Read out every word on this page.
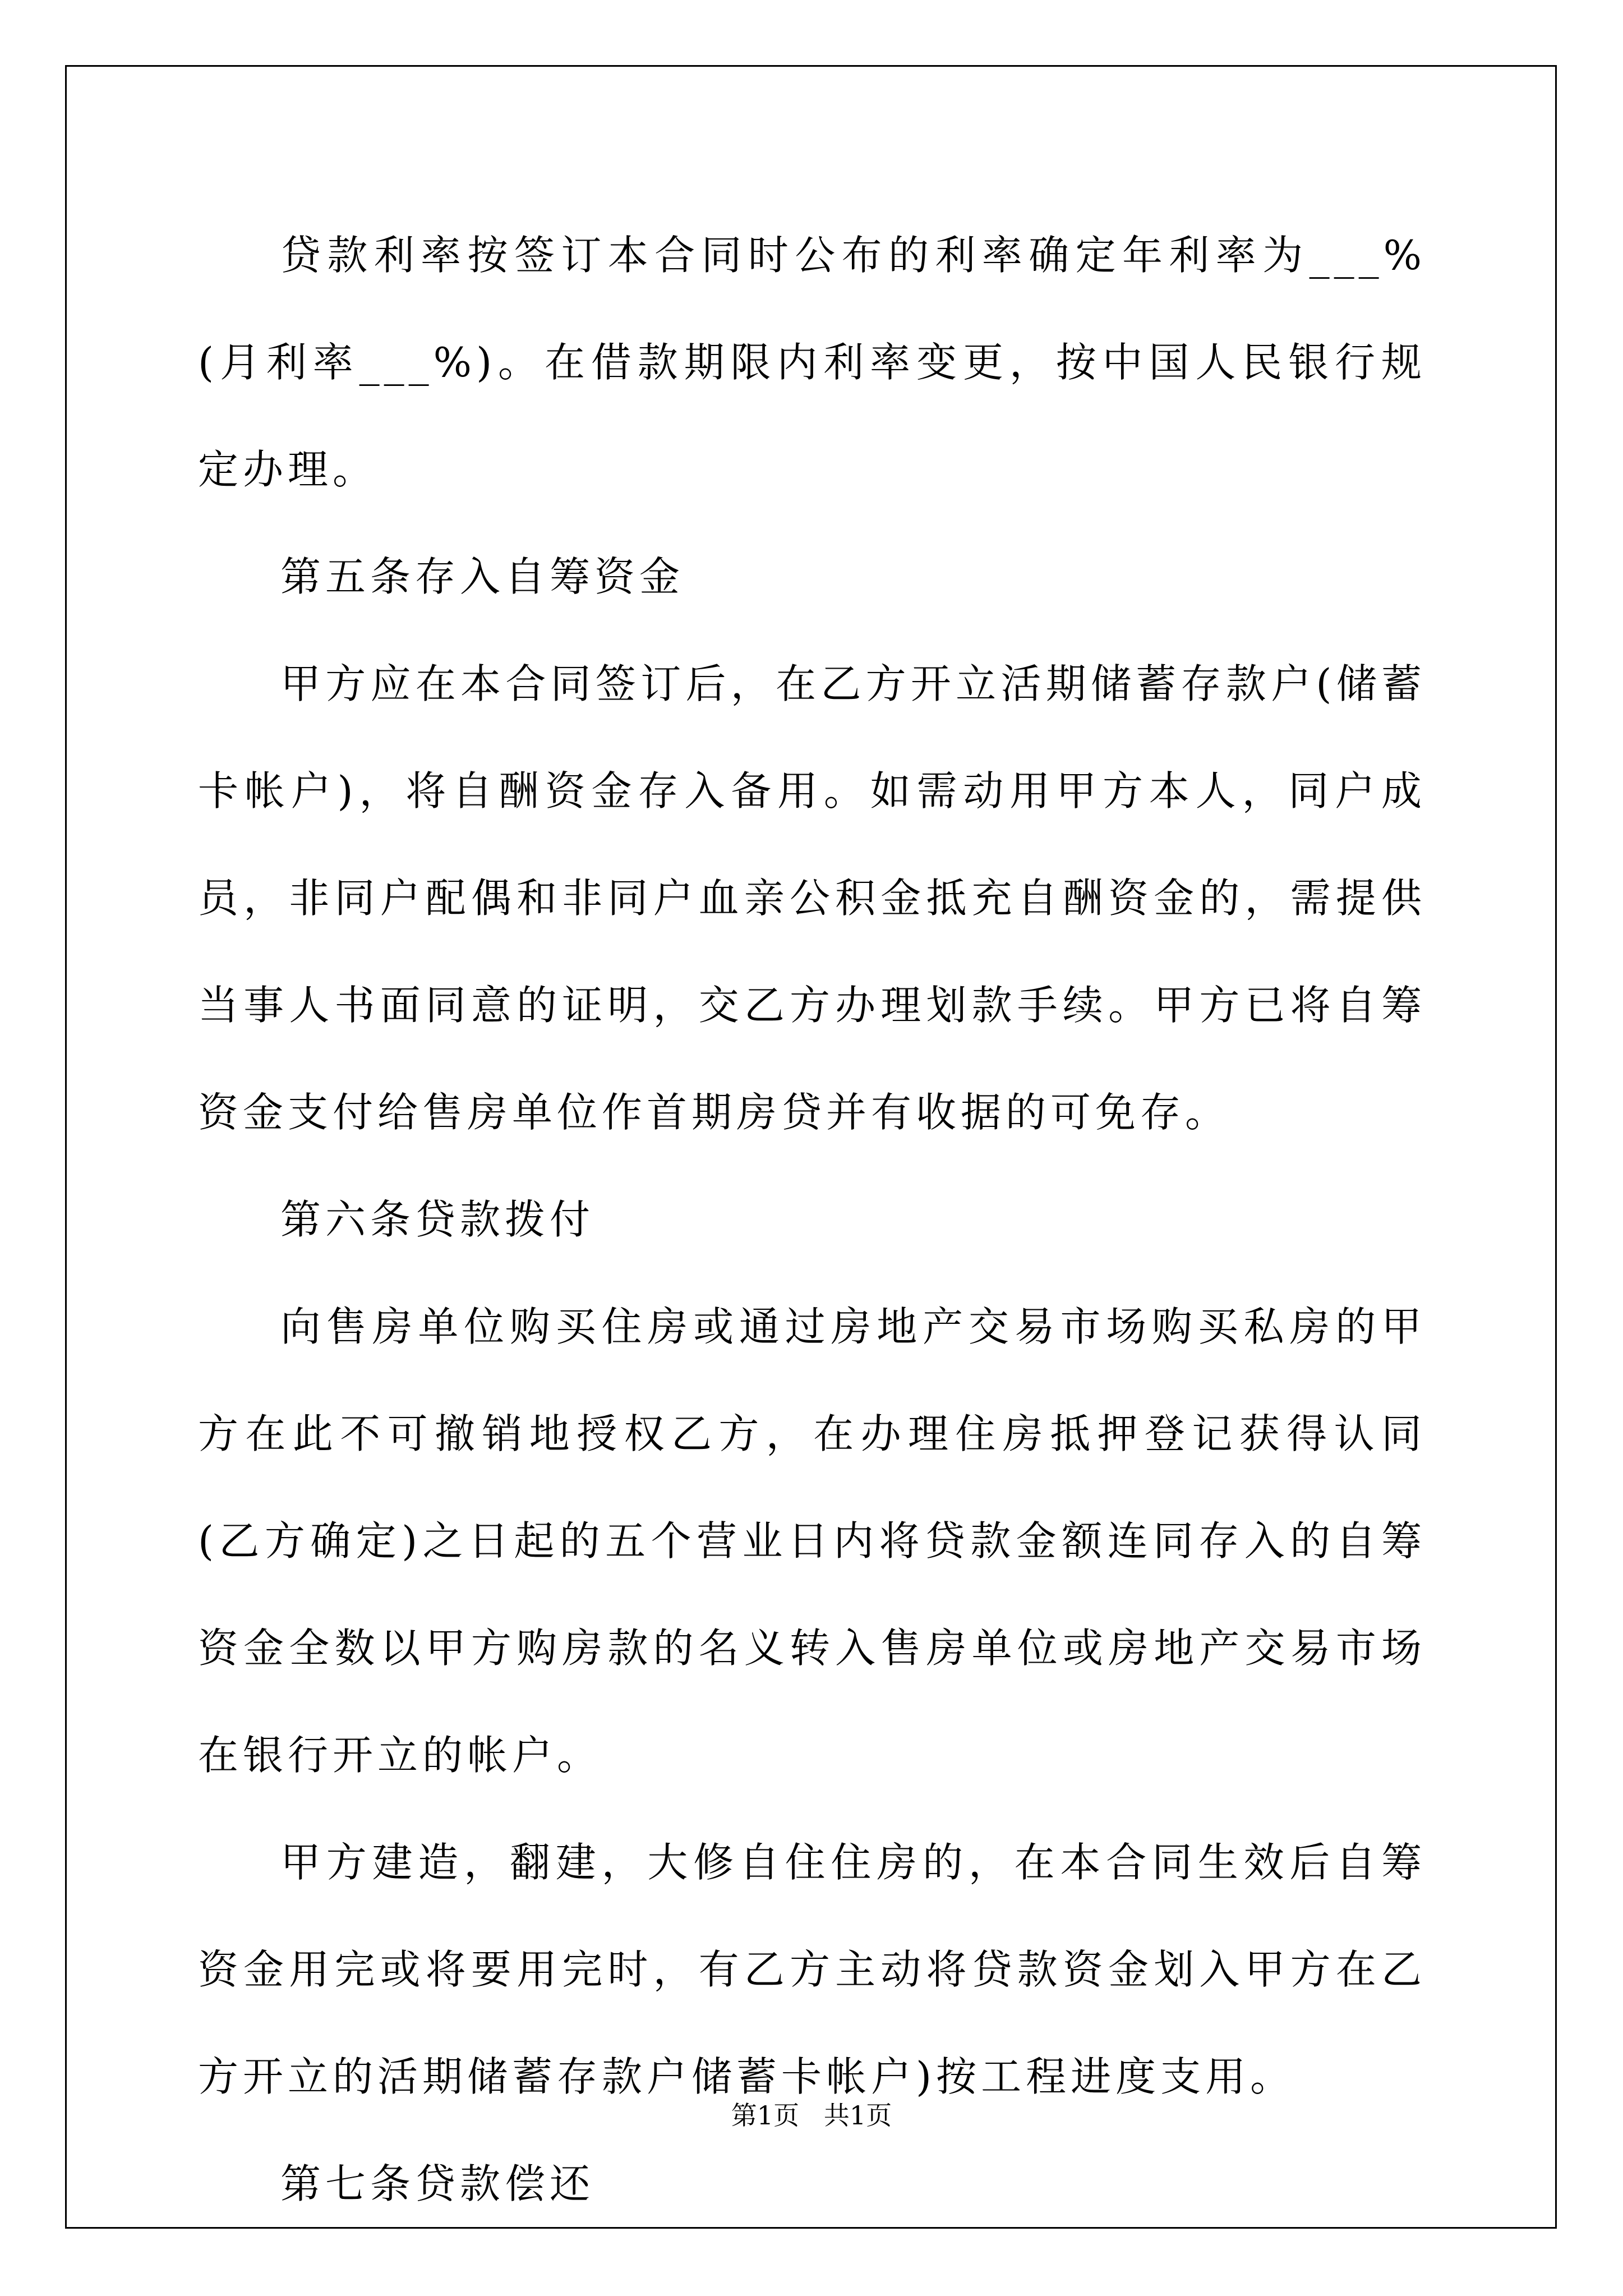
贷款利率按签订本合同时公布的利率确定年利率为___%(月利率___%)。在借款期限内利率变更，按中国人民银行规定办理。

第五条存入自筹资金

甲方应在本合同签订后，在乙方开立活期储蓄存款户(储蓄卡帐户)，将自酬资金存入备用。如需动用甲方本人，同户成员，非同户配偶和非同户血亲公积金抵充自酬资金的，需提供当事人书面同意的证明，交乙方办理划款手续。甲方已将自筹资金支付给售房单位作首期房贷并有收据的可免存。

第六条贷款拨付

向售房单位购买住房或通过房地产交易市场购买私房的甲方在此不可撤销地授权乙方，在办理住房抵押登记获得认同(乙方确定)之日起的五个营业日内将贷款金额连同存入的自筹资金全数以甲方购房款的名义转入售房单位或房地产交易市场在银行开立的帐户。

甲方建造，翻建，大修自住住房的，在本合同生效后自筹资金用完或将要用完时，有乙方主动将贷款资金划入甲方在乙方开立的活期储蓄存款户储蓄卡帐户)按工程进度支用。

第七条贷款偿还

第1页   共1页
